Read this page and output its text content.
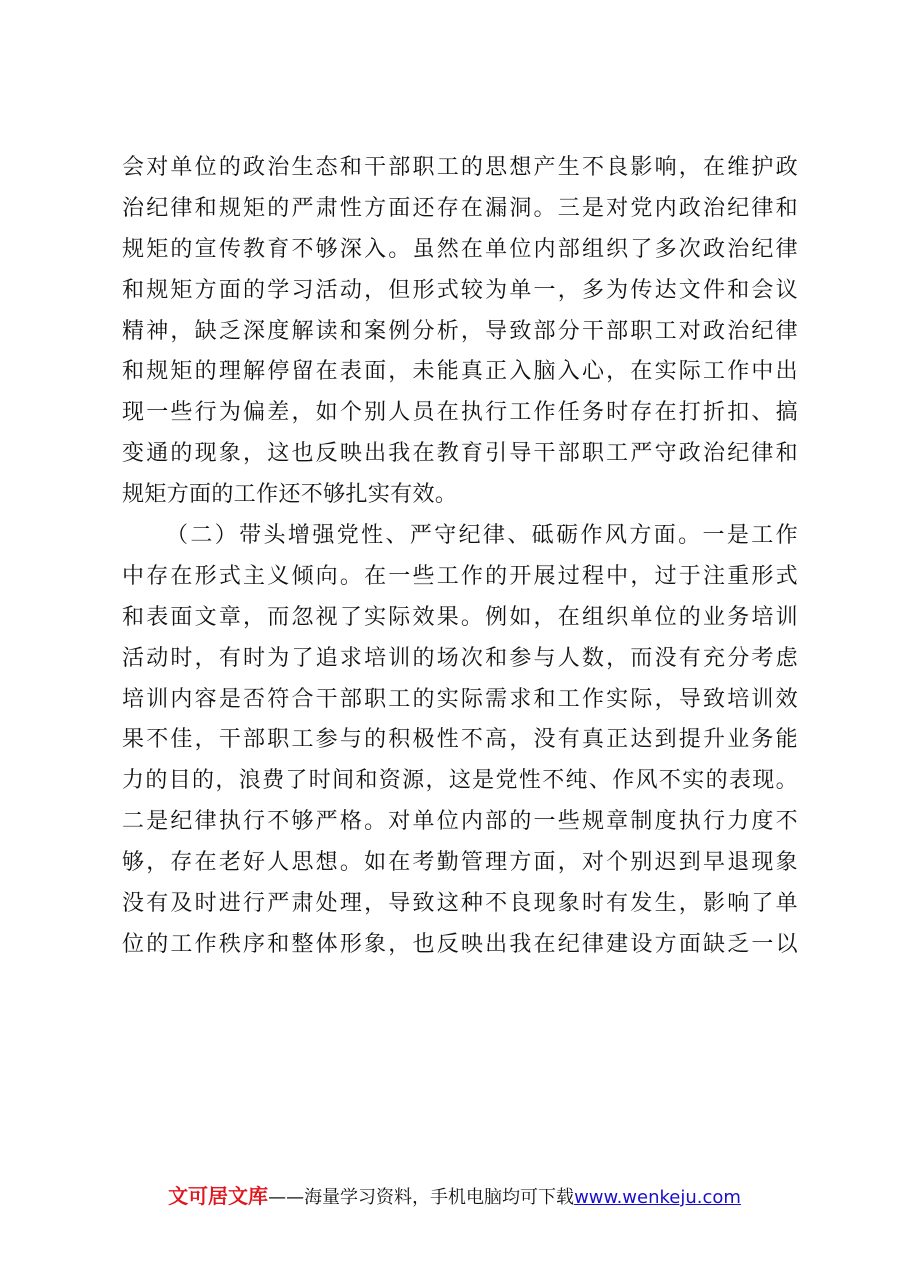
会对单位的政治生态和干部职工的思想产生不良影响，在维护政
治纪律和规矩的严肃性方面还存在漏洞。三是对党内政治纪律和
规矩的宣传教育不够深入。虽然在单位内部组织了多次政治纪律
和规矩方面的学习活动，但形式较为单一，多为传达文件和会议
精神，缺乏深度解读和案例分析，导致部分干部职工对政治纪律
和规矩的理解停留在表面，未能真正入脑入心，在实际工作中出
现一些行为偏差，如个别人员在执行工作任务时存在打折扣、搞
变通的现象，这也反映出我在教育引导干部职工严守政治纪律和
规矩方面的工作还不够扎实有效。
（二）带头增强党性、严守纪律、砥砺作风方面。一是工作
中存在形式主义倾向。在一些工作的开展过程中，过于注重形式
和表面文章，而忽视了实际效果。例如，在组织单位的业务培训
活动时，有时为了追求培训的场次和参与人数，而没有充分考虑
培训内容是否符合干部职工的实际需求和工作实际，导致培训效
果不佳，干部职工参与的积极性不高，没有真正达到提升业务能
力的目的，浪费了时间和资源，这是党性不纯、作风不实的表现。
二是纪律执行不够严格。对单位内部的一些规章制度执行力度不
够，存在老好人思想。如在考勤管理方面，对个别迟到早退现象
没有及时进行严肃处理，导致这种不良现象时有发生，影响了单
位的工作秩序和整体形象，也反映出我在纪律建设方面缺乏一以
文可居文库——海量学习资料，手机电脑均可下载www.wenkeju.com
